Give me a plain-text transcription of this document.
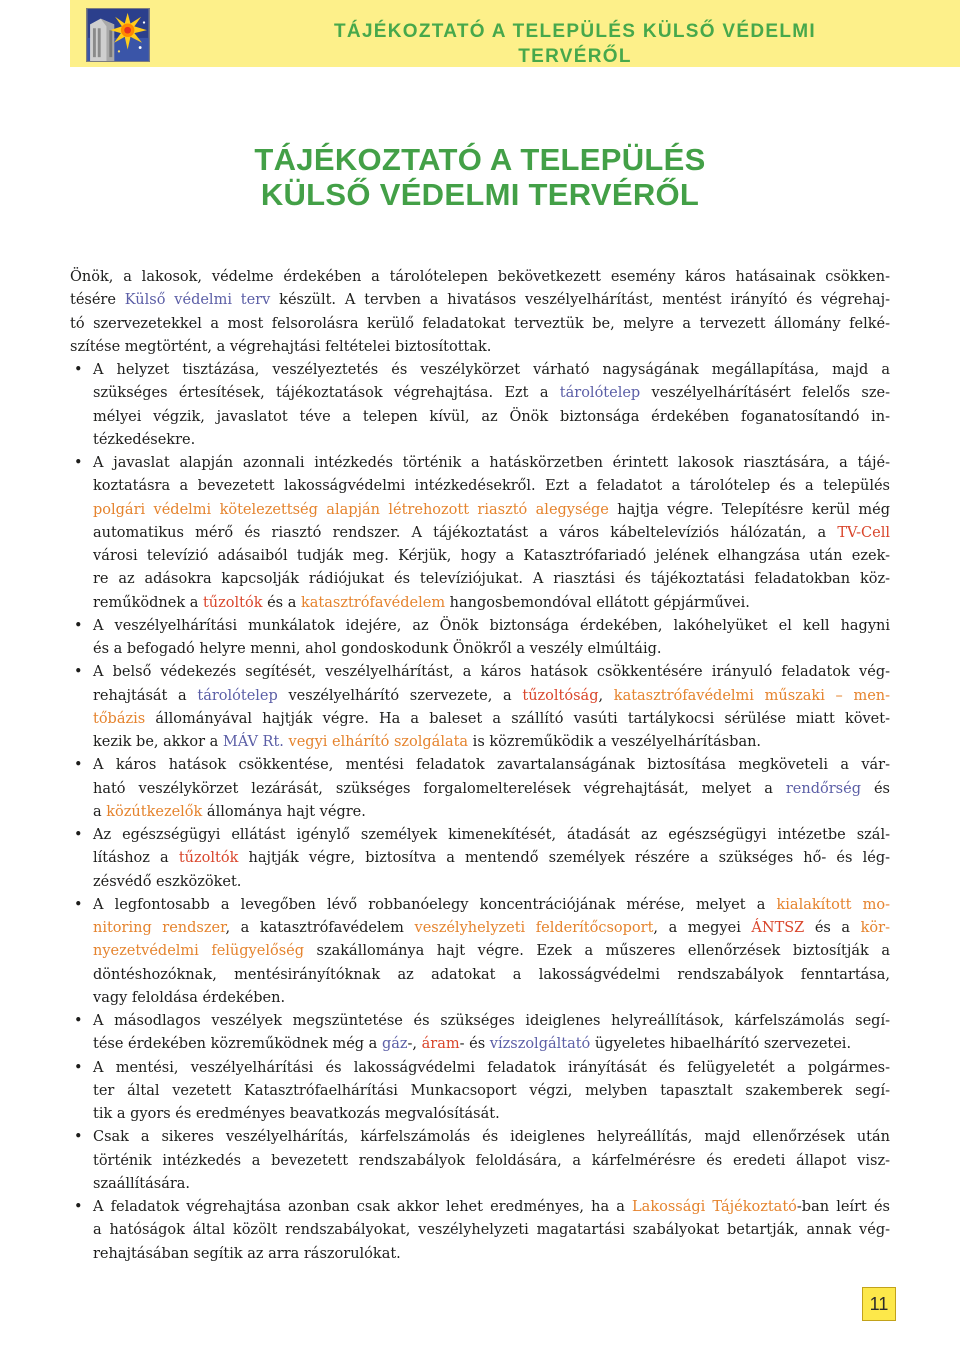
TÁJÉKOZTATÓ A TELEPÜLÉS KÜLSŐ VÉDELMI
TERVÉRŐL
TÁJÉKOZTATÓ A TELEPÜLÉS
KÜLSŐ VÉDELMI TERVÉRŐL
Önök, a lakosok, védelme érdekében a tárolótelepen bekövetkezett esemény káros hatásainak csökken-
tésére Külső védelmi terv készült. A tervben a hivatásos veszélyelhárítást, mentést irányító és végrehaj-
tó szervezetekkel a most felsorolásra kerülő feladatokat terveztük be, melyre a tervezett állomány felké-
szítése megtörtént, a végrehajtási feltételei biztosítottak.
• A helyzet tisztázása, veszélyeztetés és veszélykörzet várható nagyságának megállapítása, majd a
szükséges értesítések, tájékoztatások végrehajtása. Ezt a tárolótelep veszélyelhárításért felelős sze-
mélyei végzik, javaslatot téve a telepen kívül, az Önök biztonsága érdekében foganatosítandó in-
tézkedésekre.
• A javaslat alapján azonnali intézkedés történik a hatáskörzetben érintett lakosok riasztására, a tájé-
koztatásra a bevezetett lakosságvédelmi intézkedésekről. Ezt a feladatot a tárolótelep és a település
polgári védelmi kötelezettség alapján létrehozott riasztó alegysége hajtja végre. Telepítésre kerül még
automatikus mérő és riasztó rendszer. A tájékoztatást a város kábeltelevíziós hálózatán, a TV-Cell
városi televízió adásaiból tudják meg. Kérjük, hogy a Katasztrófariadó jelének elhangzása után ezek-
re az adásokra kapcsolják rádiójukat és televíziójukat. A riasztási és tájékoztatási feladatokban köz-
reműködnek a tűzoltók és a katasztrófavédelem hangosbemondóval ellátott gépjárművei.
• A veszélyelhárítási munkálatok idejére, az Önök biztonsága érdekében, lakóhelyüket el kell hagyni
és a befogadó helyre menni, ahol gondoskodunk Önökről a veszély elmúltáig.
• A belső védekezés segítését, veszélyelhárítást, a káros hatások csökkentésére irányuló feladatok vég-
rehajtását a tárolótelep veszélyelhárító szervezete, a tűzoltóság, katasztrófavédelmi műszaki – men-
tőbázis állományával hajtják végre. Ha a baleset a szállító vasúti tartálykocsi sérülése miatt követ-
kezik be, akkor a MÁV Rt. vegyi elhárító szolgálata is közreműködik a veszélyelhárításban.
• A káros hatások csökkentése, mentési feladatok zavartalanságának biztosítása megköveteli a vár-
ható veszélykörzet lezárását, szükséges forgalomelterelések végrehajtását, melyet a rendőrség és
a közútkezelők állománya hajt végre.
• Az egészségügyi ellátást igénylő személyek kimenekítését, átadását az egészségügyi intézetbe szál-
lításhoz a tűzoltók hajtják végre, biztosítva a mentendő személyek részére a szükséges hő- és lég-
zésvédő eszközöket.
• A legfontosabb a levegőben lévő robbanóelegy koncentrációjának mérése, melyet a kialakított mo-
nitoring rendszer, a katasztrófavédelem veszélyhelyzeti felderítőcsoport, a megyei ÁNTSZ és a kör-
nyezetvédelmi felügyelőség szakállománya hajt végre. Ezek a műszeres ellenőrzések biztosítják a
döntéshozóknak, mentésirányítóknak az adatokat a lakosságvédelmi rendszabályok fenntartása,
vagy feloldása érdekében.
• A másodlagos veszélyek megszüntetése és szükséges ideiglenes helyreállítások, kárfelszámolás segí-
tése érdekében közreműködnek még a gáz-, áram- és vízszolgáltató ügyeletes hibaelhárító szervezetei.
• A mentési, veszélyelhárítási és lakosságvédelmi feladatok irányítását és felügyeletét a polgármes-
ter által vezetett Katasztrófaelhárítási Munkacsoport végzi, melyben tapasztalt szakemberek segí-
tik a gyors és eredményes beavatkozás megvalósítását.
• Csak a sikeres veszélyelhárítás, kárfelszámolás és ideiglenes helyreállítás, majd ellenőrzések után
történik intézkedés a bevezetett rendszabályok feloldására, a kárfelmérésre és eredeti állapot visz-
szaállítására.
• A feladatok végrehajtása azonban csak akkor lehet eredményes, ha a Lakossági Tájékoztató-ban leírt és
a hatóságok által közölt rendszabályokat, veszélyhelyzeti magatartási szabályokat betartják, annak vég-
rehajtásában segítik az arra rászorulókat.
11
